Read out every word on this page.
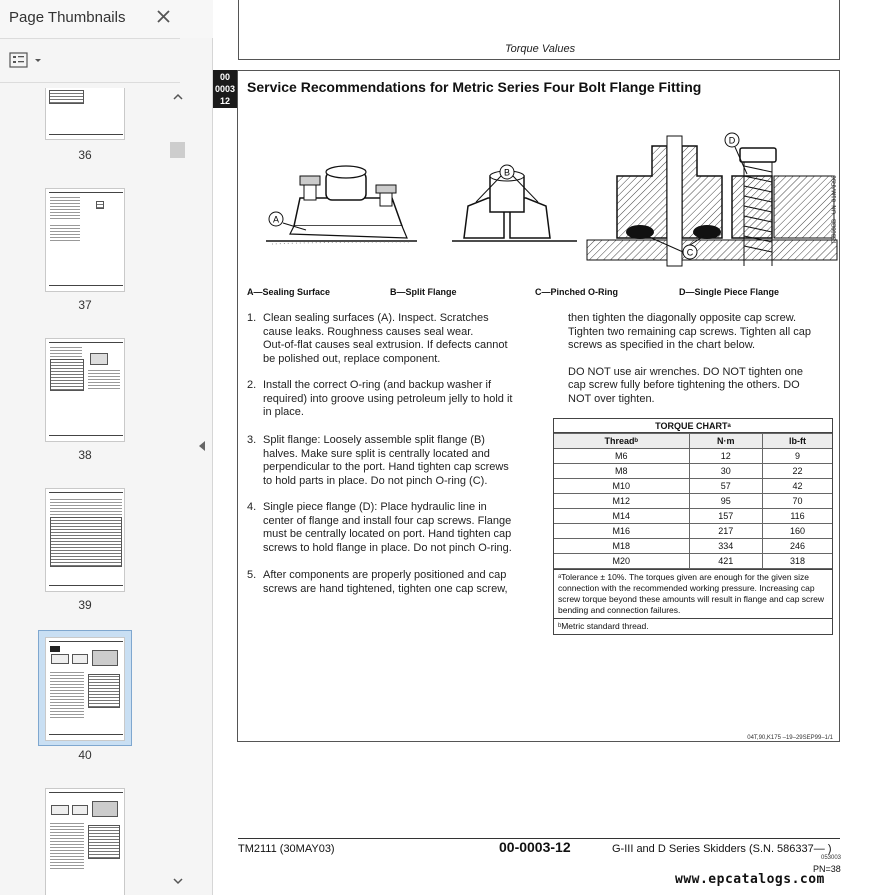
Page Thumbnails
36
37
38
39
40
Torque Values
00
0003
12
Service Recommendations for Metric Series Four Bolt Flange Fitting
A
B
C
D
T6909BB –UN–01MAR90
A—Sealing Surface	B—Split Flange	C—Pinched O-Ring	D—Single Piece Flange
1. Clean sealing surfaces (A). Inspect. Scratches
cause leaks. Roughness causes seal wear.
Out-of-flat causes seal extrusion. If defects cannot
be polished out, replace component.
2. Install the correct O-ring (and backup washer if
required) into groove using petroleum jelly to hold it
in place.
3. Split flange: Loosely assemble split flange (B)
halves. Make sure split is centrally located and
perpendicular to the port. Hand tighten cap screws
to hold parts in place. Do not pinch O-ring (C).
4. Single piece flange (D): Place hydraulic line in
center of flange and install four cap screws. Flange
must be centrally located on port. Hand tighten cap
screws to hold flange in place. Do not pinch O-ring.
5. After components are properly positioned and cap
screws are hand tightened, tighten one cap screw,

then tighten the diagonally opposite cap screw.
Tighten two remaining cap screws. Tighten all cap
screws as specified in the chart below.

DO NOT use air wrenches. DO NOT tighten one
cap screw fully before tightening the others. DO
NOT over tighten.

TORQUE CHARTᵃ
Threadᵇ	N·m	lb-ft
M6	12	9
M8	30	22
M10	57	42
M12	95	70
M14	157	116
M16	217	160
M18	334	246
M20	421	318
ᵃTolerance ± 10%. The torques given are enough for the given size connection with the recommended working pressure. Increasing cap screw torque beyond these amounts will result in flange and cap screw bending and connection failures.
ᵇMetric standard thread.
04T,90,K175 –19–29SEP99–1/1
TM2111 (30MAY03)	00-0003-12	G-III and D Series Skidders (S.N. 586337— )
053003
PN=38
www.epcatalogs.com
